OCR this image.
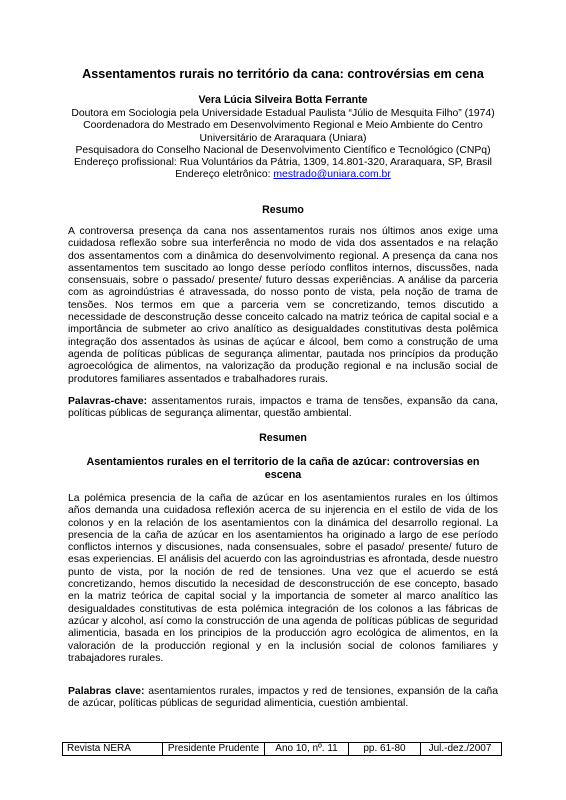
Assentamentos rurais no território da cana: controvérsias em cena
Vera Lúcia Silveira Botta Ferrante
Doutora em Sociologia pela Universidade Estadual Paulista “Júlio de Mesquita Filho” (1974)
Coordenadora do Mestrado em Desenvolvimento Regional e Meio Ambiente do Centro
Universitário de Araraquara (Uniara)
Pesquisadora do Conselho Nacional de Desenvolvimento Científico e Tecnológico (CNPq)
Endereço profissional: Rua Voluntários da Pátria, 1309, 14.801-320, Araraquara, SP, Brasil
Endereço eletrônico: mestrado@uniara.com.br
Resumo
A controversa presença da cana nos assentamentos rurais nos últimos anos exige uma cuidadosa reflexão sobre sua interferência no modo de vida dos assentados e na relação dos assentamentos com a dinâmica do desenvolvimento regional. A presença da cana nos assentamentos tem suscitado ao longo desse período conflitos internos, discussões, nada consensuais, sobre o passado/ presente/ futuro dessas experiências. A análise da parceria com as agroindústrias é atravessada, do nosso ponto de vista, pela noção de trama de tensões. Nos termos em que a parceria vem se concretizando, temos discutido a necessidade de desconstrução desse conceito calcado na matriz teórica de capital social e a importância de submeter ao crivo analítico as desigualdades constitutivas desta polêmica integração dos assentados às usinas de açúcar e álcool, bem como a construção de uma agenda de políticas públicas de segurança alimentar, pautada nos princípios da produção agroecológica de alimentos, na valorização da produção regional e na inclusão social de produtores familiares assentados e trabalhadores rurais.
Palavras-chave: assentamentos rurais, impactos e trama de tensões, expansão da cana, políticas públicas de segurança alimentar, questão ambiental.
Resumen
Asentamientos rurales en el territorio de la caña de azúcar: controversias en escena
La polémica presencia de la caña de azúcar en los asentamientos rurales en los últimos años demanda una cuidadosa reflexión acerca de su injerencia en el estilo de vida de los colonos y en la relación de los asentamientos con la dinámica del desarrollo regional. La presencia de la caña de azúcar en los asentamientos ha originado a largo de ese período conflictos internos y discusiones, nada consensuales, sobre el pasado/ presente/ futuro de esas experiencias. El análisis del acuerdo con las agroindustrias es afrontada, desde nuestro punto de vista, por la noción de red de tensiones. Una vez que el acuerdo se está concretizando, hemos discutido la necesidad de desconstrucción de ese concepto, basado en la matriz teórica de capital social y la importancia de someter al marco analítico las desigualdades constitutivas de esta polémica integración de los colonos a las fábricas de azúcar y alcohol, así como la construcción de una agenda de políticas públicas de seguridad alimenticia, basada en los principios de la producción agro ecológica de alimentos, en la valoración de la producción regional y en la inclusión social de colonos familiares y trabajadores rurales.
Palabras clave: asentamientos rurales, impactos y red de tensiones, expansión de la caña de azúcar, políticas públicas de seguridad alimenticia, cuestión ambiental.
Revista NERA	Presidente Prudente	Ano 10, nº. 11	pp. 61-80	Jul.-dez./2007
